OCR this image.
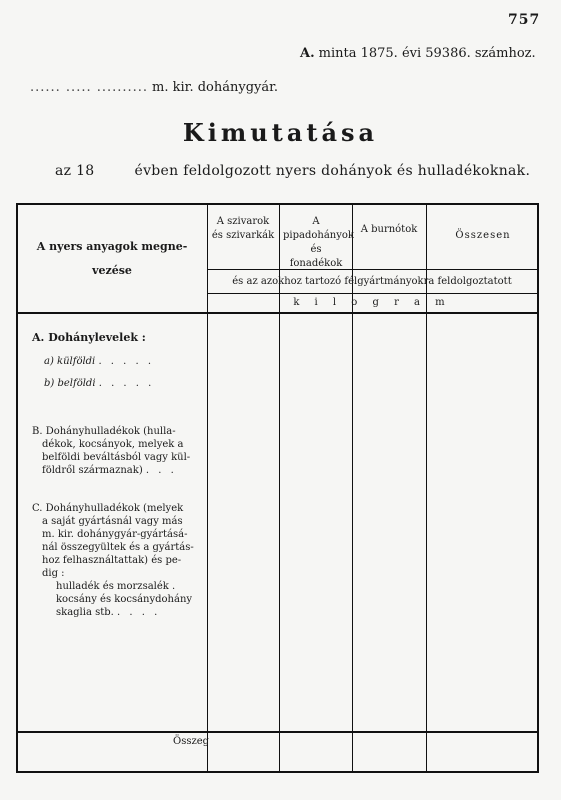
757
A. minta 1875. évi 59386. számhoz.
...... ..... .......... m. kir. dohánygyár.
Kimutatása
az 18	évben feldolgozott nyers dohányok és hulladékoknak.
A nyers anyagok megne-vezése
A szivarok és szivarkák
A pipadohányok és fonadékok
A burnótok
Összesen
és az azokhoz tartozó félgyártmányokra feldolgoztatott
k i l o g r a m
A. Dohánylevelek :
a) külföldi . . . . .
b) belföldi . . . . .
B. Dohányhulladékok (hulla-
dékok, kocsányok, melyek a
belföldi beváltásból vagy kül-
földről származnak) . . .
C. Dohányhulladékok (melyek
a saját gyártásnál vagy más
m. kir. dohánygyár-gyártásá-
nál összegyültek és a gyártás-
hoz felhasználtattak) és pe-
dig :
hulladék és morzsalék .
kocsány és kocsánydohány
skaglia stb. . . . .
Összeg
